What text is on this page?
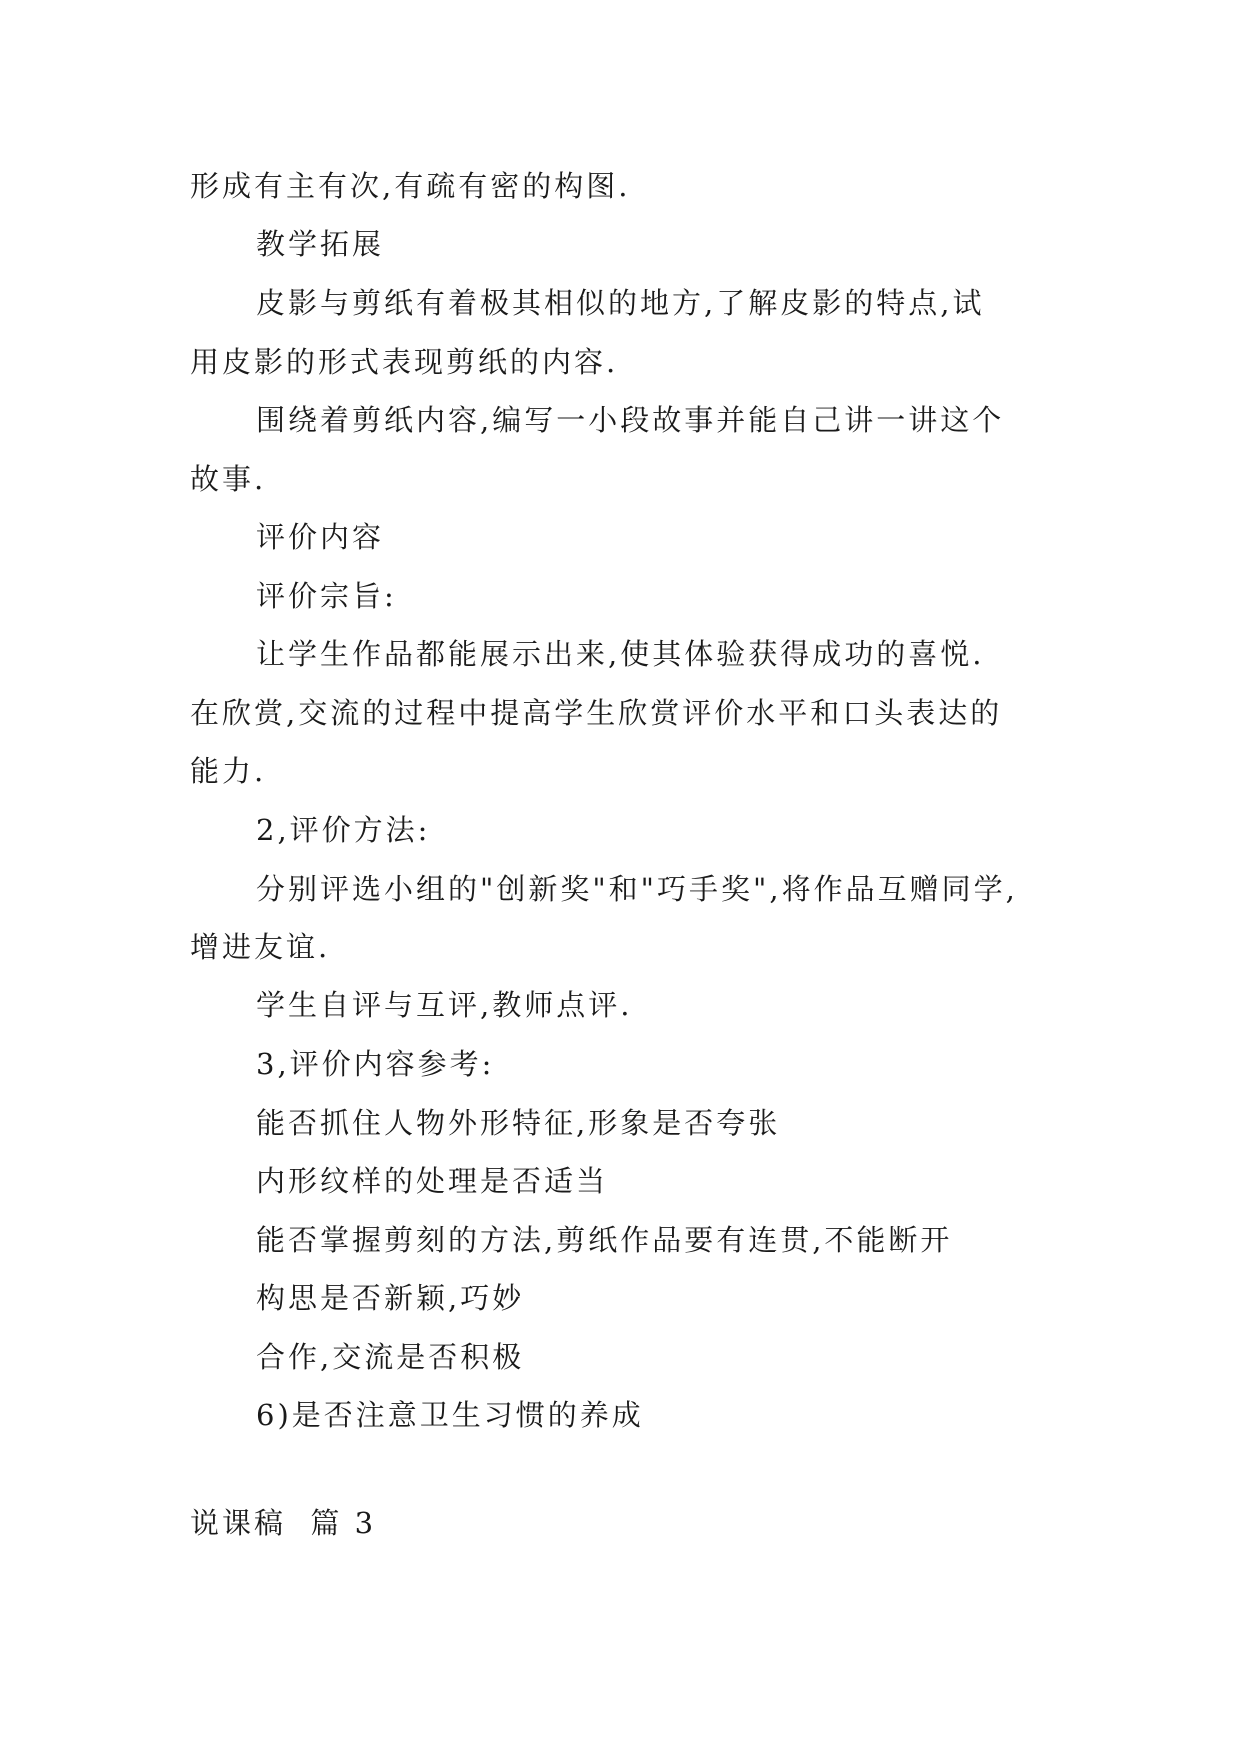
形成有主有次,有疏有密的构图.
教学拓展
皮影与剪纸有着极其相似的地方,了解皮影的特点,试
用皮影的形式表现剪纸的内容.
围绕着剪纸内容,编写一小段故事并能自己讲一讲这个
故事.
评价内容
评价宗旨:
让学生作品都能展示出来,使其体验获得成功的喜悦.
在欣赏,交流的过程中提高学生欣赏评价水平和口头表达的
能力.
2,评价方法:
分别评选小组的"创新奖"和"巧手奖",将作品互赠同学,
增进友谊.
学生自评与互评,教师点评.
3,评价内容参考:
能否抓住人物外形特征,形象是否夸张
内形纹样的处理是否适当
能否掌握剪刻的方法,剪纸作品要有连贯,不能断开
构思是否新颖,巧妙
合作,交流是否积极
6)是否注意卫生习惯的养成
说课稿  篇 3
